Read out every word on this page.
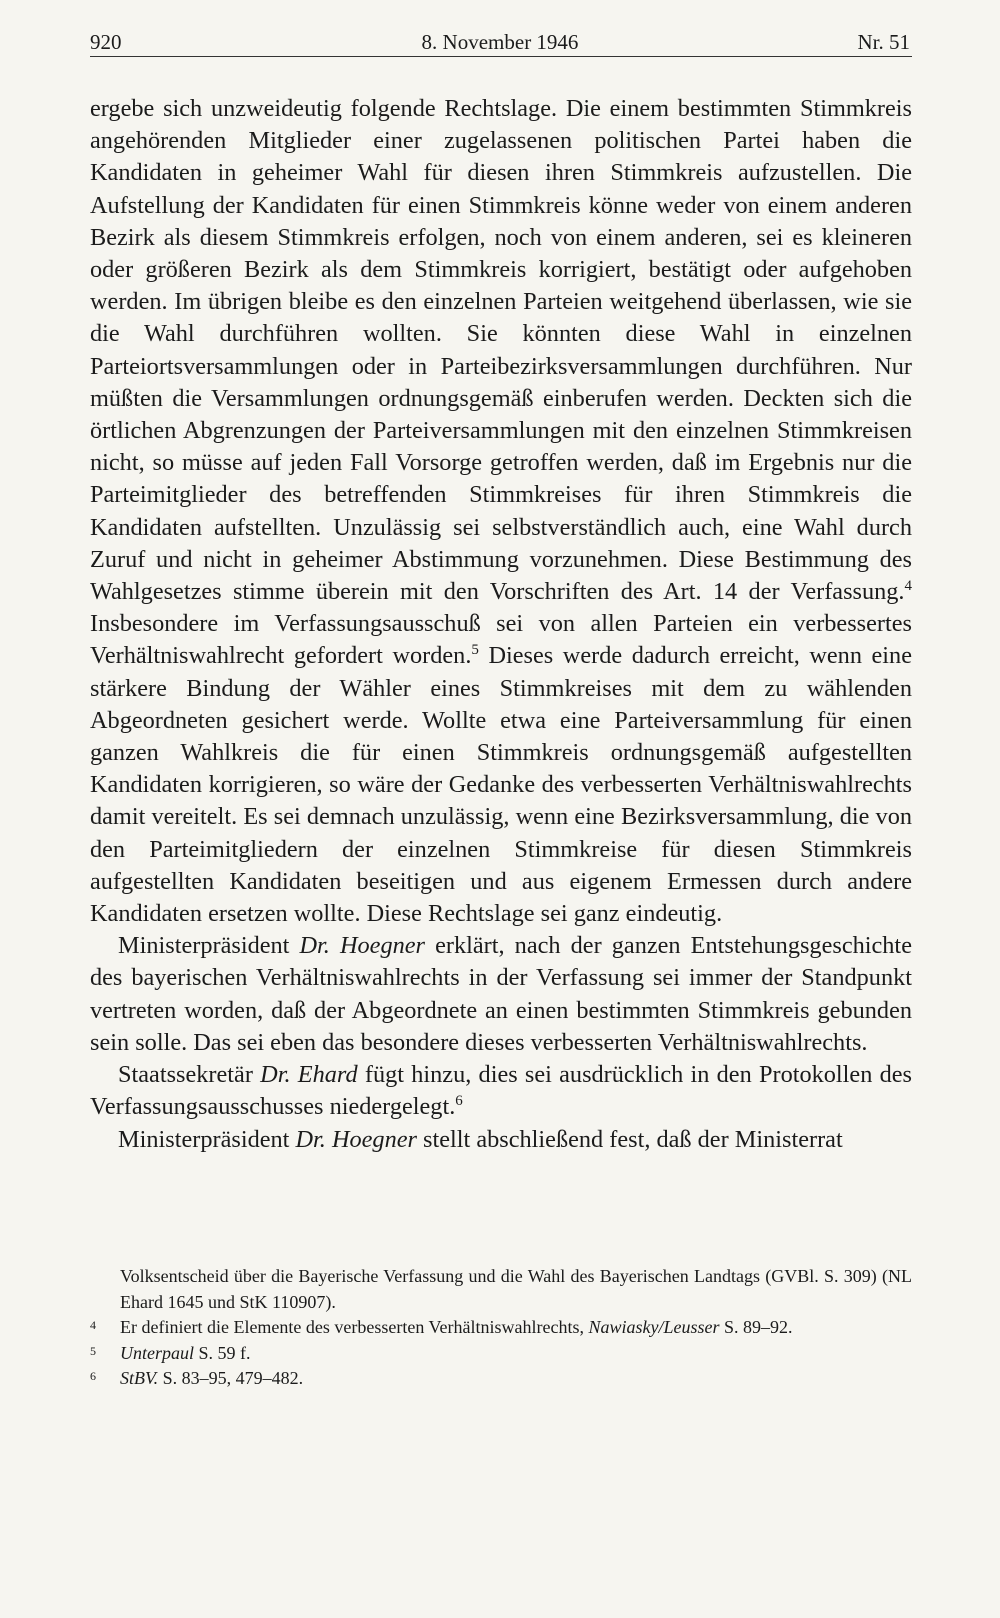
920	8. November 1946	Nr. 51

ergebe sich unzweideutig folgende Rechtslage. Die einem bestimmten Stimmkreis angehörenden Mitglieder einer zugelassenen politischen Partei haben die Kandidaten in geheimer Wahl für diesen ihren Stimmkreis aufzustellen. Die Aufstellung der Kandidaten für einen Stimmkreis könne weder von einem anderen Bezirk als diesem Stimmkreis erfolgen, noch von einem anderen, sei es kleineren oder größeren Bezirk als dem Stimmkreis korrigiert, bestätigt oder aufgehoben werden. Im übrigen bleibe es den einzelnen Parteien weitgehend überlassen, wie sie die Wahl durchführen wollten. Sie könnten diese Wahl in einzelnen Parteiortsversammlungen oder in Parteibezirksversammlungen durchführen. Nur müßten die Versammlungen ordnungsgemäß einberufen werden. Deckten sich die örtlichen Abgrenzungen der Parteiversammlungen mit den einzelnen Stimmkreisen nicht, so müsse auf jeden Fall Vorsorge getroffen werden, daß im Ergebnis nur die Parteimitglieder des betreffenden Stimmkreises für ihren Stimmkreis die Kandidaten aufstellten. Unzulässig sei selbstverständlich auch, eine Wahl durch Zuruf und nicht in geheimer Abstimmung vorzunehmen. Diese Bestimmung des Wahlgesetzes stimme überein mit den Vorschriften des Art. 14 der Verfassung.$^4$ Insbesondere im Verfassungsausschuß sei von allen Parteien ein verbessertes Verhältniswahlrecht gefordert worden.$^5$ Dieses werde dadurch erreicht, wenn eine stärkere Bindung der Wähler eines Stimmkreises mit dem zu wählenden Abgeordneten gesichert werde. Wollte etwa eine Parteiversammlung für einen ganzen Wahlkreis die für einen Stimmkreis ordnungsgemäß aufgestellten Kandidaten korrigieren, so wäre der Gedanke des verbesserten Verhältniswahlrechts damit vereitelt. Es sei demnach unzulässig, wenn eine Bezirksversammlung, die von den Parteimitgliedern der einzelnen Stimmkreise für diesen Stimmkreis aufgestellten Kandidaten beseitigen und aus eigenem Ermessen durch andere Kandidaten ersetzen wollte. Diese Rechtslage sei ganz eindeutig.

Ministerpräsident Dr. Hoegner erklärt, nach der ganzen Entstehungsgeschichte des bayerischen Verhältniswahlrechts in der Verfassung sei immer der Standpunkt vertreten worden, daß der Abgeordnete an einen bestimmten Stimmkreis gebunden sein solle. Das sei eben das besondere dieses verbesserten Verhältniswahlrechts.

Staatssekretär Dr. Ehard fügt hinzu, dies sei ausdrücklich in den Protokollen des Verfassungsausschusses niedergelegt.$^6$

Ministerpräsident Dr. Hoegner stellt abschließend fest, daß der Ministerrat

Volksentscheid über die Bayerische Verfassung und die Wahl des Bayerischen Landtags (GVBl. S. 309) (NL Ehard 1645 und StK 110907).

4 Er definiert die Elemente des verbesserten Verhältniswahlrechts, Nawiasky/Leusser S. 89–92.

5 Unterpaul S. 59 f.

6 StBV. S. 83–95, 479–482.
